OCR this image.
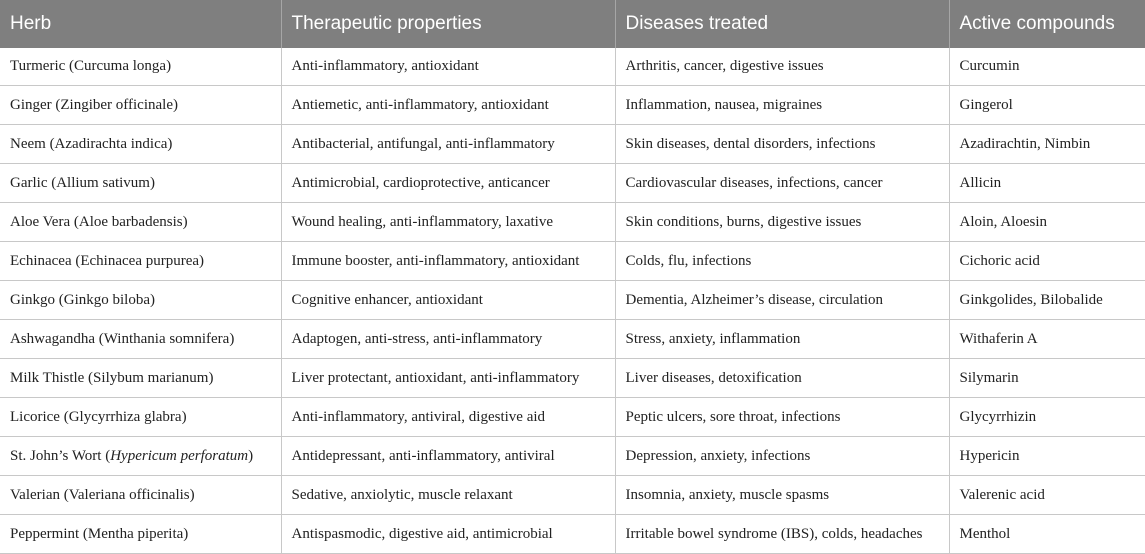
Herb	Therapeutic properties	Diseases treated	Active compounds
Turmeric (Curcuma longa)	Anti-inflammatory, antioxidant	Arthritis, cancer, digestive issues	Curcumin
Ginger (Zingiber officinale)	Antiemetic, anti-inflammatory, antioxidant	Inflammation, nausea, migraines	Gingerol
Neem (Azadirachta indica)	Antibacterial, antifungal, anti-inflammatory	Skin diseases, dental disorders, infections	Azadirachtin, Nimbin
Garlic (Allium sativum)	Antimicrobial, cardioprotective, anticancer	Cardiovascular diseases, infections, cancer	Allicin
Aloe Vera (Aloe barbadensis)	Wound healing, anti-inflammatory, laxative	Skin conditions, burns, digestive issues	Aloin, Aloesin
Echinacea (Echinacea purpurea)	Immune booster, anti-inflammatory, antioxidant	Colds, flu, infections	Cichoric acid
Ginkgo (Ginkgo biloba)	Cognitive enhancer, antioxidant	Dementia, Alzheimer’s disease, circulation	Ginkgolides, Bilobalide
Ashwagandha (Winthania somnifera)	Adaptogen, anti-stress, anti-inflammatory	Stress, anxiety, inflammation	Withaferin A
Milk Thistle (Silybum marianum)	Liver protectant, antioxidant, anti-inflammatory	Liver diseases, detoxification	Silymarin
Licorice (Glycyrrhiza glabra)	Anti-inflammatory, antiviral, digestive aid	Peptic ulcers, sore throat, infections	Glycyrrhizin
St. John’s Wort (Hypericum perforatum)	Antidepressant, anti-inflammatory, antiviral	Depression, anxiety, infections	Hypericin
Valerian (Valeriana officinalis)	Sedative, anxiolytic, muscle relaxant	Insomnia, anxiety, muscle spasms	Valerenic acid
Peppermint (Mentha piperita)	Antispasmodic, digestive aid, antimicrobial	Irritable bowel syndrome (IBS), colds, headaches	Menthol
